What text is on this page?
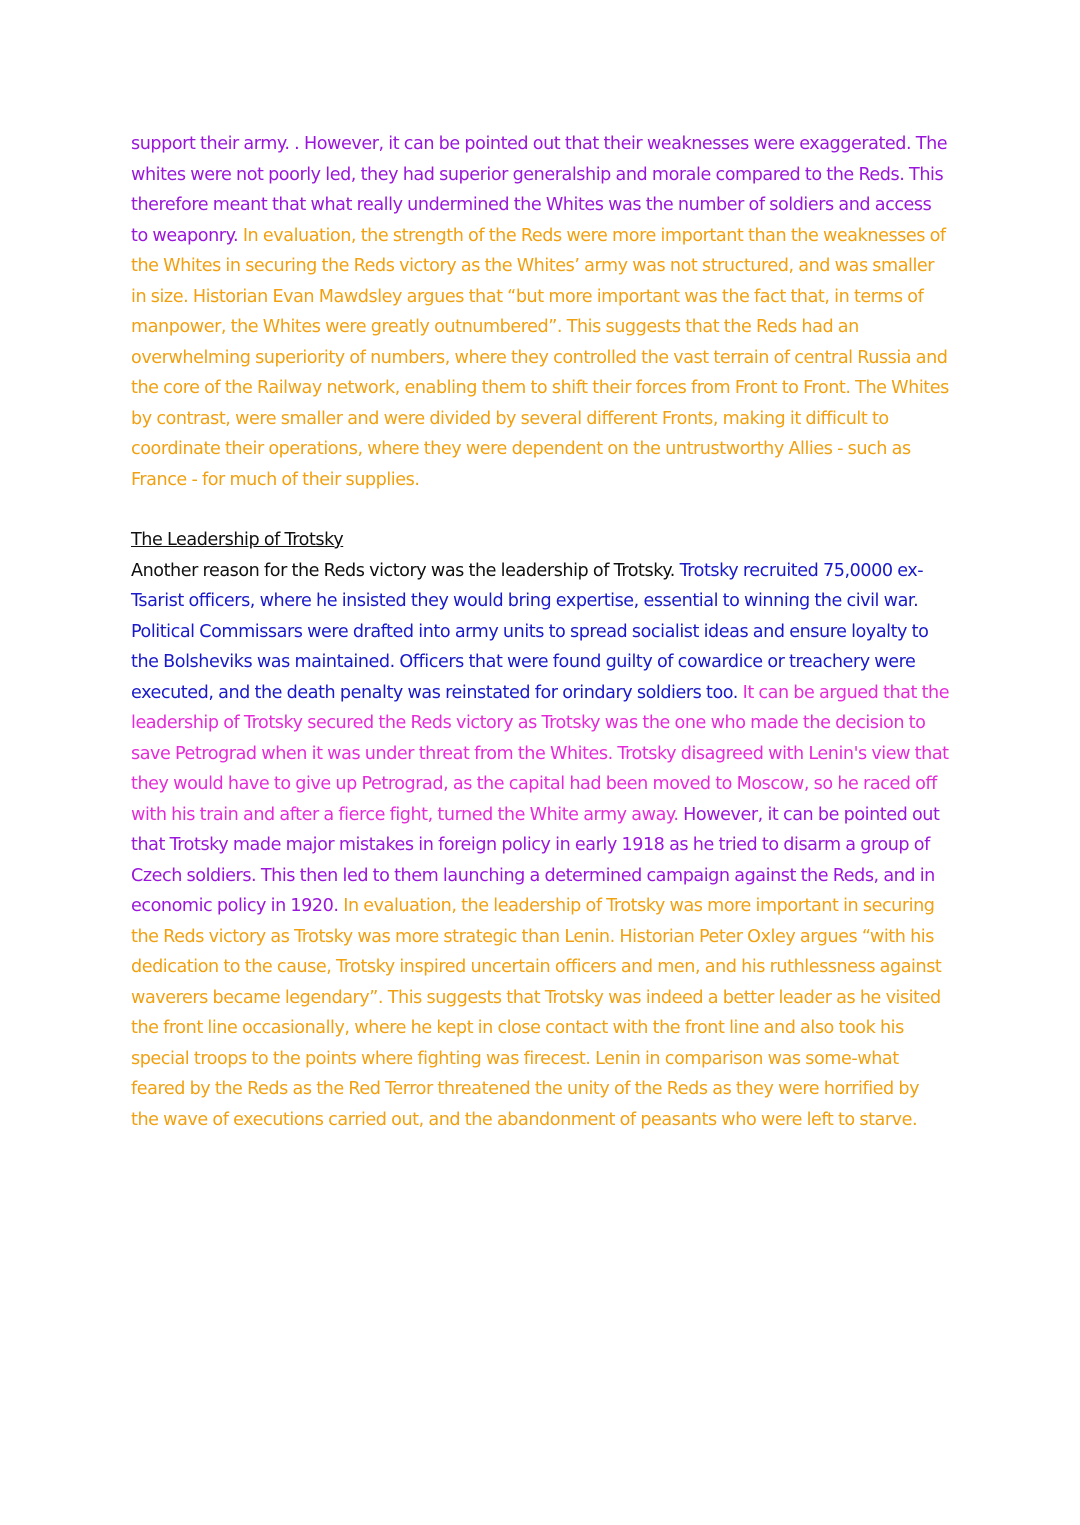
support their army. . However, it can be pointed out that their weaknesses were exaggerated. The whites were not poorly led, they had superior generalship and morale compared to the Reds. This therefore meant that what really undermined the Whites was the number of soldiers and access to weaponry. In evaluation, the strength of the Reds were more important than the weaknesses of the Whites in securing the Reds victory as the Whites’ army was not structured, and was smaller in size. Historian Evan Mawdsley argues that “but more important was the fact that, in terms of manpower, the Whites were greatly outnumbered”. This suggests that the Reds had an overwhelming superiority of numbers, where they controlled the vast terrain of central Russia and the core of the Railway network, enabling them to shift their forces from Front to Front. The Whites by contrast, were smaller and were divided by several different Fronts, making it difficult to coordinate their operations, where they were dependent on the untrustworthy Allies - such as France - for much of their supplies.

The Leadership of Trotsky

Another reason for the Reds victory was the leadership of Trotsky. Trotsky recruited 75,0000 ex-Tsarist officers, where he insisted they would bring expertise, essential to winning the civil war. Political Commissars were drafted into army units to spread socialist ideas and ensure loyalty to the Bolsheviks was maintained. Officers that were found guilty of cowardice or treachery were executed, and the death penalty was reinstated for orindary soldiers too. It can be argued that the leadership of Trotsky secured the Reds victory as Trotsky was the one who made the decision to save Petrograd when it was under threat from the Whites. Trotsky disagreed with Lenin's view that they would have to give up Petrograd, as the capital had been moved to Moscow, so he raced off with his train and after a fierce fight, turned the White army away. However, it can be pointed out that Trotsky made major mistakes in foreign policy in early 1918 as he tried to disarm a group of Czech soldiers. This then led to them launching a determined campaign against the Reds, and in economic policy in 1920. In evaluation, the leadership of Trotsky was more important in securing the Reds victory as Trotsky was more strategic than Lenin. Historian Peter Oxley argues “with his dedication to the cause, Trotsky inspired uncertain officers and men, and his ruthlessness against waverers became legendary”. This suggests that Trotsky was indeed a better leader as he visited the front line occasionally, where he kept in close contact with the front line and also took his special troops to the points where fighting was firecest. Lenin in comparison was some-what feared by the Reds as the Red Terror threatened the unity of the Reds as they were horrified by the wave of executions carried out, and the abandonment of peasants who were left to starve.
